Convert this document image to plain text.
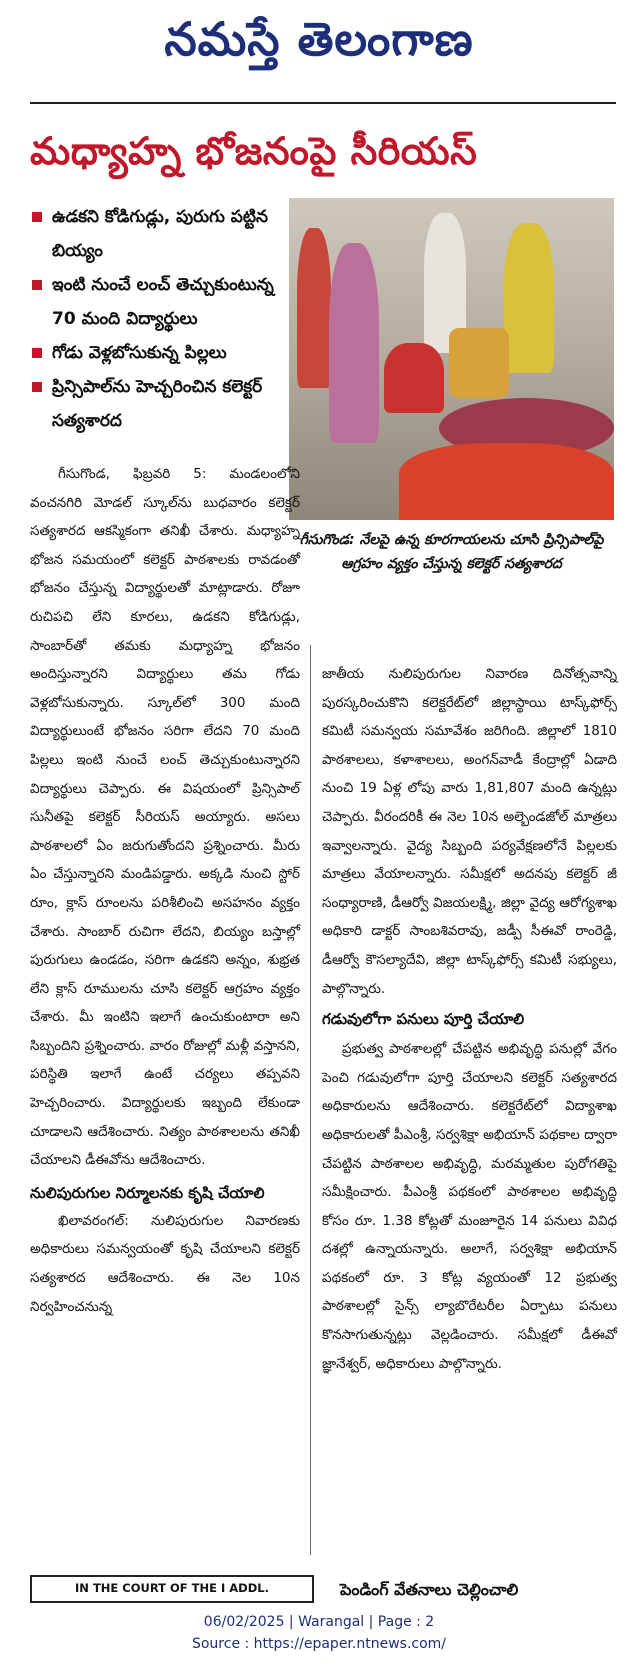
నమస్తే తెలంగాణ
మధ్యాహ్న భోజనంపై సీరియస్
ఉడకని కోడిగుడ్లు, పురుగు పట్టిన బియ్యం
ఇంటి నుంచే లంచ్ తెచ్చుకుంటున్న 70 మంది విద్యార్థులు
గోడు వెళ్లబోసుకున్న పిల్లలు
ప్రిన్సిపాల్‌ను హెచ్చరించిన కలెక్టర్ సత్యశారద
గీసుగొండ: నేలపై ఉన్న కూరగాయలను చూసి ప్రిన్సిపాల్‌పై ఆగ్రహం వ్యక్తం చేస్తున్న కలెక్టర్ సత్యశారద

గీసుగొండ, ఫిబ్రవరి 5: మండలంలోని వంచనగిరి మోడల్ స్కూల్‌ను బుధవారం కలెక్టర్ సత్యశారద ఆకస్మికంగా తనిఖీ చేశారు. మధ్యాహ్న భోజన సమయంలో కలెక్టర్ పాఠశాలకు రావడంతో భోజనం చేస్తున్న విద్యార్థులతో మాట్లాడారు. రోజూ రుచిపచి లేని కూరలు, ఉడకని కోడిగుడ్లు, సాంబార్‌తో తమకు మధ్యాహ్న భోజనం అందిస్తున్నారని విద్యార్థులు తమ గోడు వెళ్లబోసుకున్నారు. స్కూల్‌లో 300 మంది విద్యార్థులుంటే భోజనం సరిగా లేదని 70 మంది పిల్లలు ఇంటి నుంచే లంచ్ తెచ్చుకుంటున్నారని విద్యార్థులు చెప్పారు. ఈ విషయంలో ప్రిన్సిపాల్ సునీతపై కలెక్టర్ సీరియస్ అయ్యారు. అసలు పాఠశాలలో ఏం జరుగుతోందని ప్రశ్నించారు. మీరు ఏం చేస్తున్నారని మండిపడ్డారు. అక్కడి నుంచి స్టోర్ రూం, క్లాస్ రూంలను పరిశీలించి అసహనం వ్యక్తం చేశారు. సాంబార్ రుచిగా లేదని, బియ్యం బస్తాల్లో పురుగులు ఉండడం, సరిగా ఉడకని అన్నం, శుభ్రత లేని క్లాస్ రూములను చూసి కలెక్టర్ ఆగ్రహం వ్యక్తం చేశారు. మీ ఇంటిని ఇలాగే ఉంచుకుంటారా అని సిబ్బందిని ప్రశ్నించారు. వారం రోజుల్లో మళ్లీ వస్తానని, పరిస్థితి ఇలాగే ఉంటే చర్యలు తప్పవని హెచ్చరించారు. విద్యార్థులకు ఇబ్బంది లేకుండా చూడాలని ఆదేశించారు. నిత్యం పాఠశాలలను తనిఖీ చేయాలని డీఈవోను ఆదేశించారు.

నులిపురుగుల నిర్మూలనకు కృషి చేయాలి

ఖిలావరంగల్: నులిపురుగుల నివారణకు అధికారులు సమన్వయంతో కృషి చేయాలని కలెక్టర్ సత్యశారద ఆదేశించారు. ఈ నెల 10న నిర్వహించనున్న

జాతీయ నులిపురుగుల నివారణ దినోత్సవాన్ని పురస్కరించుకొని కలెక్టరేట్‌లో జిల్లాస్థాయి టాస్క్‌ఫోర్స్ కమిటీ సమన్వయ సమావేశం జరిగింది. జిల్లాలో 1810 పాఠశాలలు, కళాశాలలు, అంగన్‌వాడీ కేంద్రాల్లో ఏడాది నుంచి 19 ఏళ్ల లోపు వారు 1,81,807 మంది ఉన్నట్లు చెప్పారు. వీరందరికీ ఈ నెల 10న అల్బెండజోల్ మాత్రలు ఇవ్వాలన్నారు. వైద్య సిబ్బంది పర్యవేక్షణలోనే పిల్లలకు మాత్రలు వేయాలన్నారు. సమీక్షలో అదనపు కలెక్టర్ జీ సంధ్యారాణి, డీఆర్వో విజయలక్ష్మి, జిల్లా వైద్య ఆరోగ్యశాఖ అధికారి డాక్టర్ సాంబశివరావు, జడ్పీ సీఈవో రాంరెడ్డి, డీఆర్వో కౌసల్యాదేవి, జిల్లా టాస్క్‌ఫోర్స్ కమిటీ సభ్యులు, పాల్గొన్నారు.

గడువులోగా పనులు పూర్తి చేయాలి

ప్రభుత్వ పాఠశాలల్లో చేపట్టిన అభివృద్ధి పనుల్లో వేగం పెంచి గడువులోగా పూర్తి చేయాలని కలెక్టర్ సత్యశారద అధికారులను ఆదేశించారు. కలెక్టరేట్‌లో విద్యాశాఖ అధికారులతో పీఎంశ్రీ, సర్వశిక్షా అభియాన్ పథకాల ద్వారా చేపట్టిన పాఠశాలల అభివృద్ధి, మరమ్మతుల పురోగతిపై సమీక్షించారు. పీఎంశ్రీ పథకంలో పాఠశాలల అభివృద్ధి కోసం రూ. 1.38 కోట్లతో మంజూరైన 14 పనులు వివిధ దశల్లో ఉన్నాయన్నారు. అలాగే, సర్వశిక్షా అభియాన్ పథకంలో రూ. 3 కోట్ల వ్యయంతో 12 ప్రభుత్వ పాఠశాలల్లో సైన్స్ ల్యాబొరేటరీల ఏర్పాటు పనులు కొనసాగుతున్నట్లు వెల్లడించారు. సమీక్షలో డీఈవో జ్ఞానేశ్వర్, అధికారులు పాల్గొన్నారు.

IN THE COURT OF THE I ADDL.	పెండింగ్ వేతనాలు చెల్లించాలి
06/02/2025 | Warangal | Page : 2
Source : https://epaper.ntnews.com/
